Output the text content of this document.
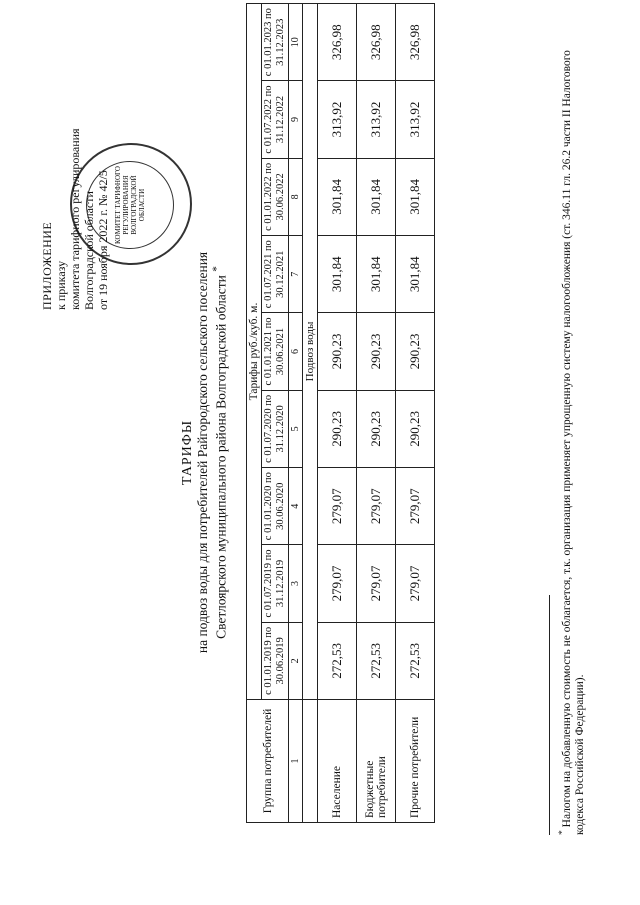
КОМИТЕТ ТАРИФНОГО РЕГУЛИРОВАНИЯ ВОЛГОГРАДСКОЙ ОБЛАСТИ
ПРИЛОЖЕНИЕ к приказу комитета тарифного регулирования Волгоградской области от 19 ноября 2022 г. № 42/5
ТАРИФЫ на подвоз воды для потребителей Райгородского сельского поселения Светлоярского муниципального района Волгоградской области *
Группа потребителей	Тарифы руб./куб. м.								
	с 01.01.2019 по 30.06.2019	с 01.07.2019 по 31.12.2019	с 01.01.2020 по 30.06.2020	с 01.07.2020 по 31.12.2020	с 01.01.2021 по 30.06.2021	с 01.07.2021 по 30.12.2021	с 01.01.2022 по 30.06.2022	с 01.07.2022 по 31.12.2022	с 01.01.2023 по 31.12.2023
1	2	3	4	5	6	7	8	9	10
	Подвоз воды								
Население	272,53	279,07	279,07	290,23	290,23	301,84	301,84	313,92	326,98
Бюджетные потребители	272,53	279,07	279,07	290,23	290,23	301,84	301,84	313,92	326,98
Прочие потребители	272,53	279,07	279,07	290,23	290,23	301,84	301,84	313,92	326,98
* Налогом на добавленную стоимость не облагается, т.к. организация применяет упрощенную систему налогообложения (ст. 346.11 гл. 26.2 части II Налогового кодекса Российской Федерации).
